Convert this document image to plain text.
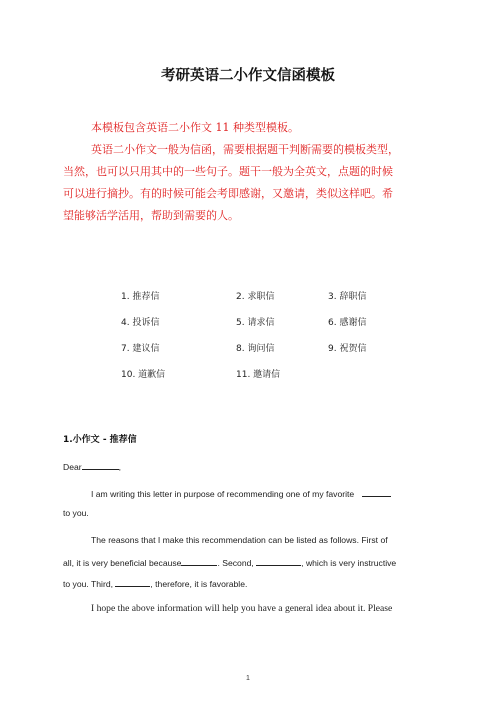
考研英语二小作文信函模板
本模板包含英语二小作文 11 种类型模板。
英语二小作文一般为信函，需要根据题干判断需要的模板类型，
当然，也可以只用其中的一些句子。题干一般为全英文，点题的时候
可以进行摘抄。有的时候可能会考即感谢，又邀请，类似这样吧。希
望能够活学活用，帮助到需要的人。
1. 推荐信	2. 求职信	3. 辞职信
4. 投诉信	5. 请求信	6. 感谢信
7. 建议信	8. 询问信	9. 祝贺信
10. 道歉信	11. 邀请信
1.小作文 - 推荐信
Dear	,
I am writing this letter in purpose of recommending one of my favorite
to you.
The reasons that I make this recommendation can be listed as follows. First of
all, it is very beneficial because	. Second,	, which is very instructive
to you. Third,	, therefore, it is favorable.
I hope the above information will help you have a general idea about it. Please
1
